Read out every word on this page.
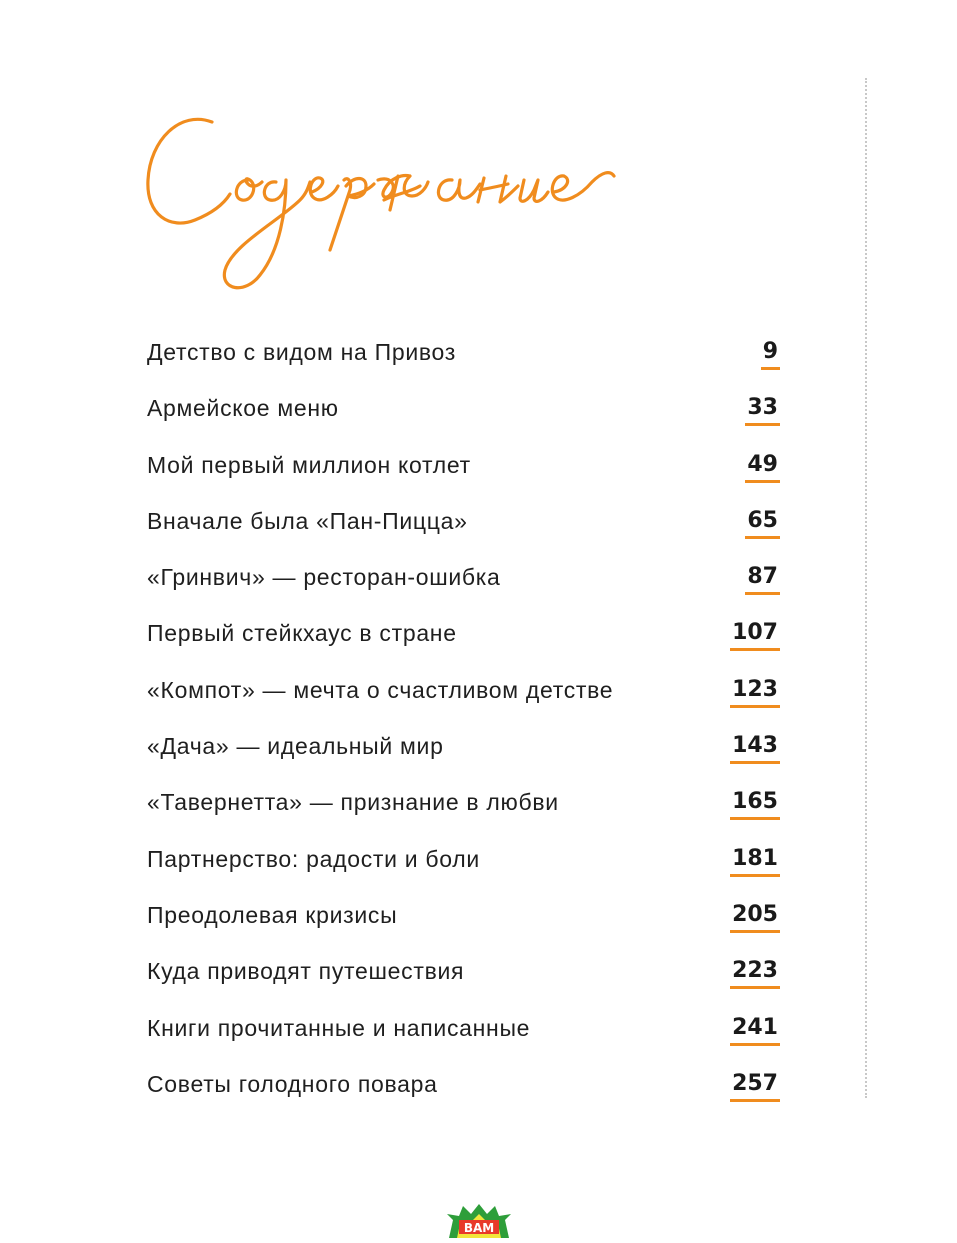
Детство с видом на Привоз	9
Армейское меню	33
Мой первый миллион котлет	49
Вначале была «Пан-Пицца»	65
«Гринвич» — ресторан-ошибка	87
Первый стейкхаус в стране	107
«Компот» — мечта о счастливом детстве	123
«Дача» — идеальный мир	143
«Тавернетта» — признание в любви	165
Партнерство: радости и боли	181
Преодолевая кризисы	205
Куда приводят путешествия	223
Книги прочитанные и написанные	241
Советы голодного повара	257
ВАМ
